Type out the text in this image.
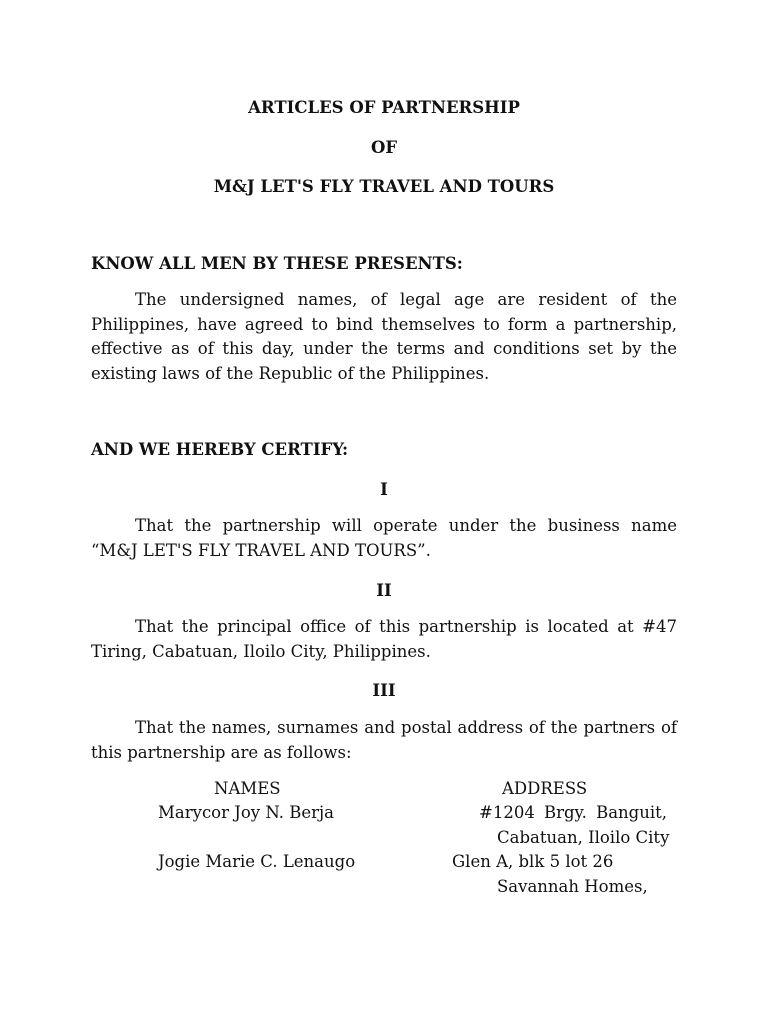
ARTICLES OF PARTNERSHIP
OF
M&J LET'S FLY TRAVEL AND TOURS
KNOW ALL MEN BY THESE PRESENTS:
The undersigned names, of legal age are resident of the Philippines, have agreed to bind themselves to form a partnership, effective as of this day, under the terms and conditions set by the existing laws of the Republic of the Philippines.
AND WE HEREBY CERTIFY:
I
That the partnership will operate under the business name “M&J LET'S FLY TRAVEL AND TOURS”.
II
That the principal office of this partnership is located at #47 Tiring, Cabatuan, Iloilo City, Philippines.
III
That the names, surnames and postal address of the partners of this partnership are as follows:
NAMES	ADDRESS
Marycor Joy N. Berja	#1204 Brgy. Banguit,
Cabatuan, Iloilo City
Jogie Marie C. Lenaugo	Glen A, blk 5 lot 26
Savannah Homes,
